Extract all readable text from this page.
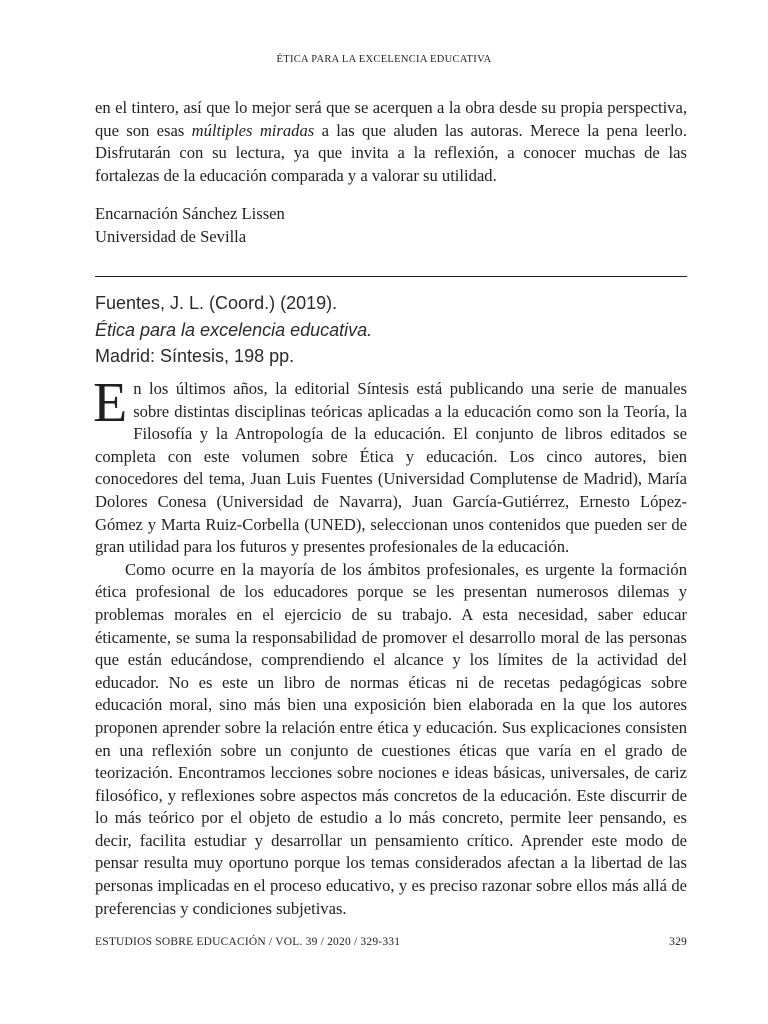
ÉTICA PARA LA EXCELENCIA EDUCATIVA

en el tintero, así que lo mejor será que se acerquen a la obra desde su propia perspectiva, que son esas múltiples miradas a las que aluden las autoras. Merece la pena leerlo. Disfrutarán con su lectura, ya que invita a la reflexión, a conocer muchas de las fortalezas de la educación comparada y a valorar su utilidad.

Encarnación Sánchez Lissen
Universidad de Sevilla
Fuentes, J. L. (Coord.) (2019).
Ética para la excelencia educativa.
Madrid: Síntesis, 198 pp.

En los últimos años, la editorial Síntesis está publicando una serie de manuales sobre distintas disciplinas teóricas aplicadas a la educación como son la Teoría, la Filosofía y la Antropología de la educación. El conjunto de libros editados se completa con este volumen sobre Ética y educación. Los cinco autores, bien conocedores del tema, Juan Luis Fuentes (Universidad Complutense de Madrid), María Dolores Conesa (Universidad de Navarra), Juan García-Gutiérrez, Ernesto López-Gómez y Marta Ruiz-Corbella (UNED), seleccionan unos contenidos que pueden ser de gran utilidad para los futuros y presentes profesionales de la educación.

Como ocurre en la mayoría de los ámbitos profesionales, es urgente la formación ética profesional de los educadores porque se les presentan numerosos dilemas y problemas morales en el ejercicio de su trabajo. A esta necesidad, saber educar éticamente, se suma la responsabilidad de promover el desarrollo moral de las personas que están educándose, comprendiendo el alcance y los límites de la actividad del educador. No es este un libro de normas éticas ni de recetas pedagógicas sobre educación moral, sino más bien una exposición bien elaborada en la que los autores proponen aprender sobre la relación entre ética y educación. Sus explicaciones consisten en una reflexión sobre un conjunto de cuestiones éticas que varía en el grado de teorización. Encontramos lecciones sobre nociones e ideas básicas, universales, de cariz filosófico, y reflexiones sobre aspectos más concretos de la educación. Este discurrir de lo más teórico por el objeto de estudio a lo más concreto, permite leer pensando, es decir, facilita estudiar y desarrollar un pensamiento crítico. Aprender este modo de pensar resulta muy oportuno porque los temas considerados afectan a la libertad de las personas implicadas en el proceso educativo, y es preciso razonar sobre ellos más allá de preferencias y condiciones subjetivas.

ESTUDIOS SOBRE EDUCACIÓN / VOL. 39 / 2020 / 329-331	329
